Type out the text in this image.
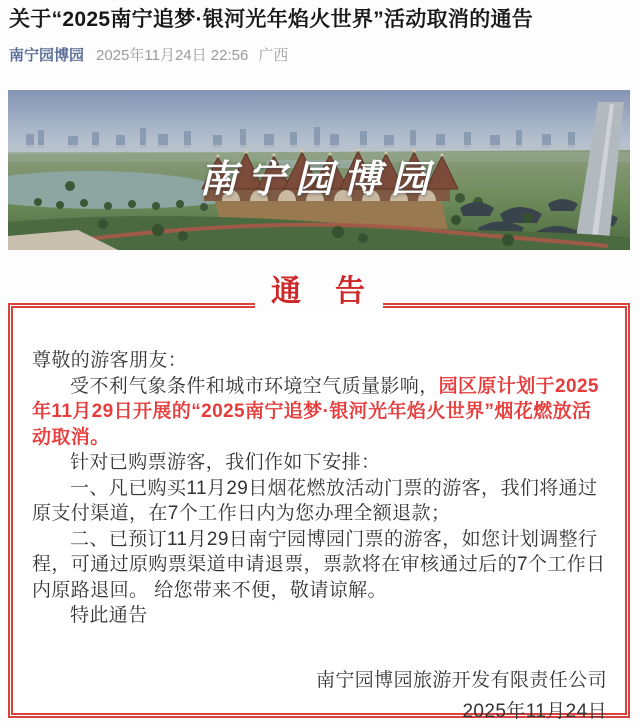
关于“2025南宁追梦·银河光年焰火世界”活动取消的通告
南宁园博园 2025年11月24日 22:56 广西
南宁园博园
通　告

尊敬的游客朋友：

受不利气象条件和城市环境空气质量影响，园区原计划于2025年11月29日开展的“2025南宁追梦·银河光年焰火世界”烟花燃放活动取消。

针对已购票游客，我们作如下安排：

一、凡已购买11月29日烟花燃放活动门票的游客，我们将通过原支付渠道，在7个工作日内为您办理全额退款；

二、已预订11月29日南宁园博园门票的游客，如您计划调整行程，可通过原购票渠道申请退票，票款将在审核通过后的7个工作日内原路退回。 给您带来不便，敬请谅解。

特此通告

南宁园博园旅游开发有限责任公司

2025年11月24日
